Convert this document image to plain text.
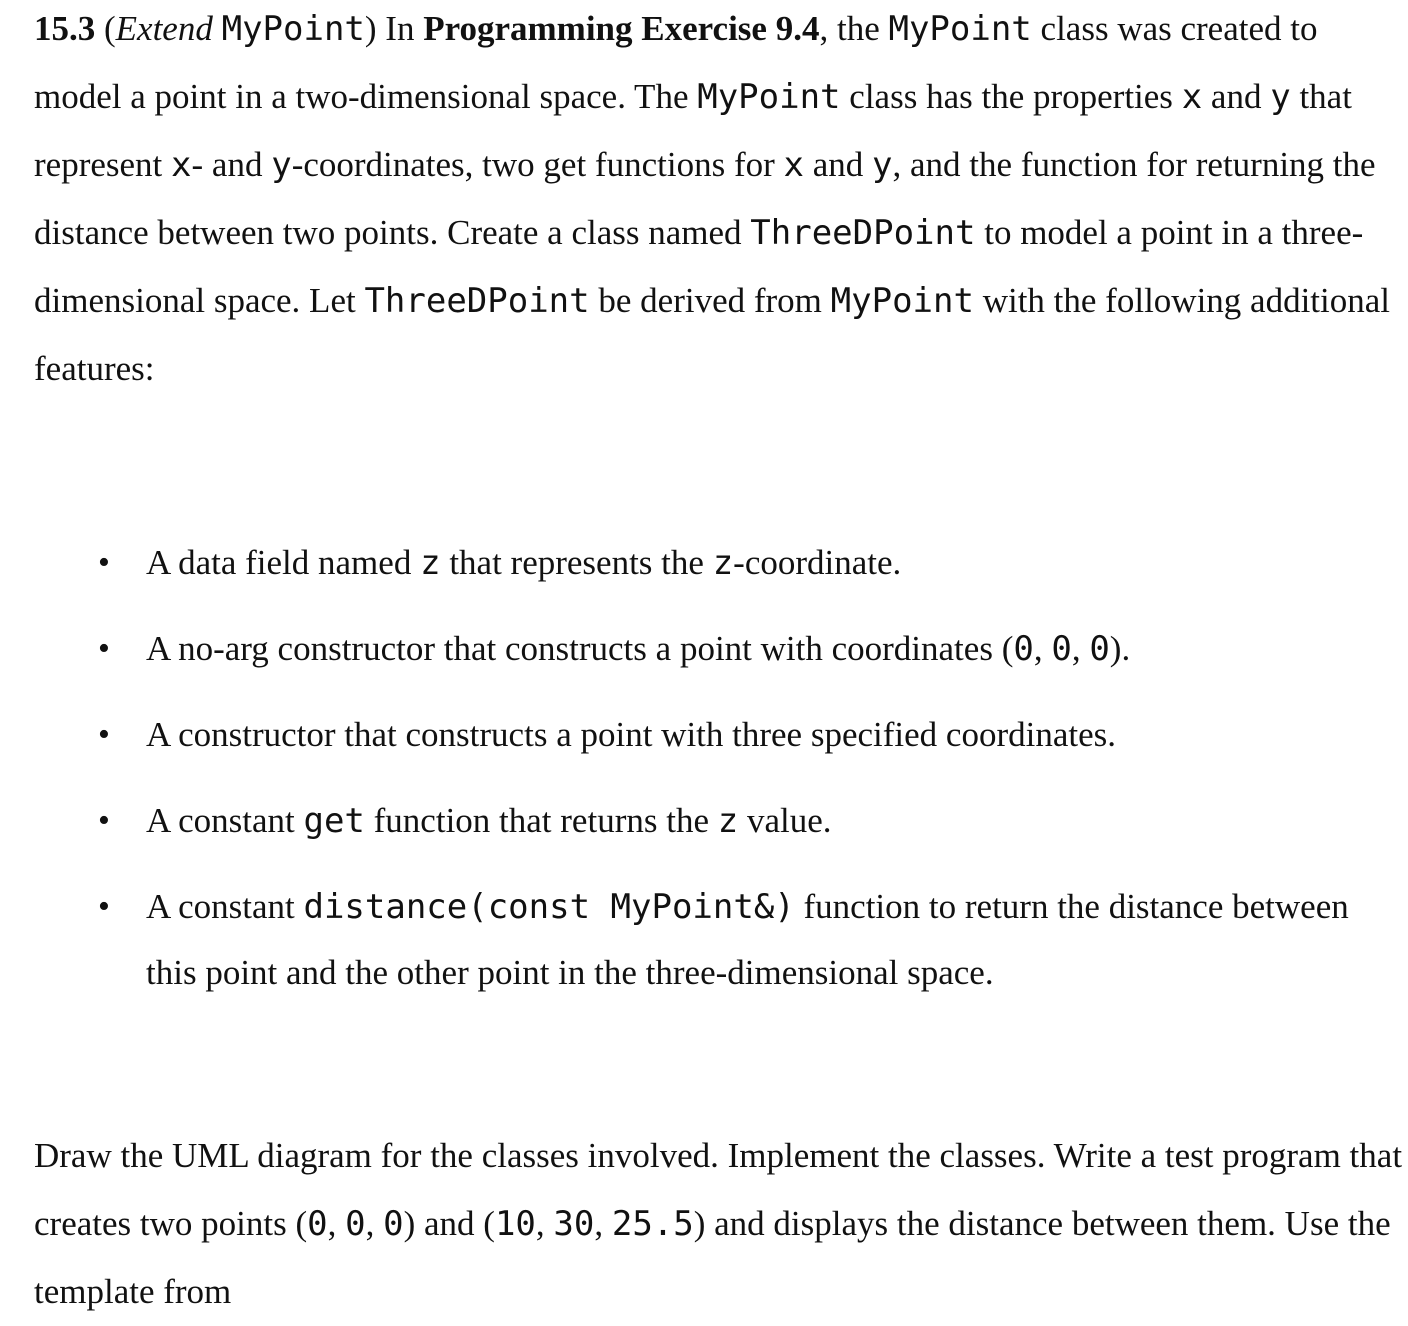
15.3 (Extend MyPoint) In Programming Exercise 9.4, the MyPoint class was created to model a point in a two-dimensional space. The MyPoint class has the properties x and y that represent x- and y-coordinates, two get functions for x and y, and the function for returning the distance between two points. Create a class named ThreeDPoint to model a point in a three-dimensional space. Let ThreeDPoint be derived from MyPoint with the following additional features:

• A data field named z that represents the z-coordinate.
• A no-arg constructor that constructs a point with coordinates (0, 0, 0).
• A constructor that constructs a point with three specified coordinates.
• A constant get function that returns the z value.
• A constant distance(const MyPoint&) function to return the distance between this point and the other point in the three-dimensional space.

Draw the UML diagram for the classes involved. Implement the classes. Write a test program that creates two points (0, 0, 0) and (10, 30, 25.5) and displays the distance between them. Use the template from
